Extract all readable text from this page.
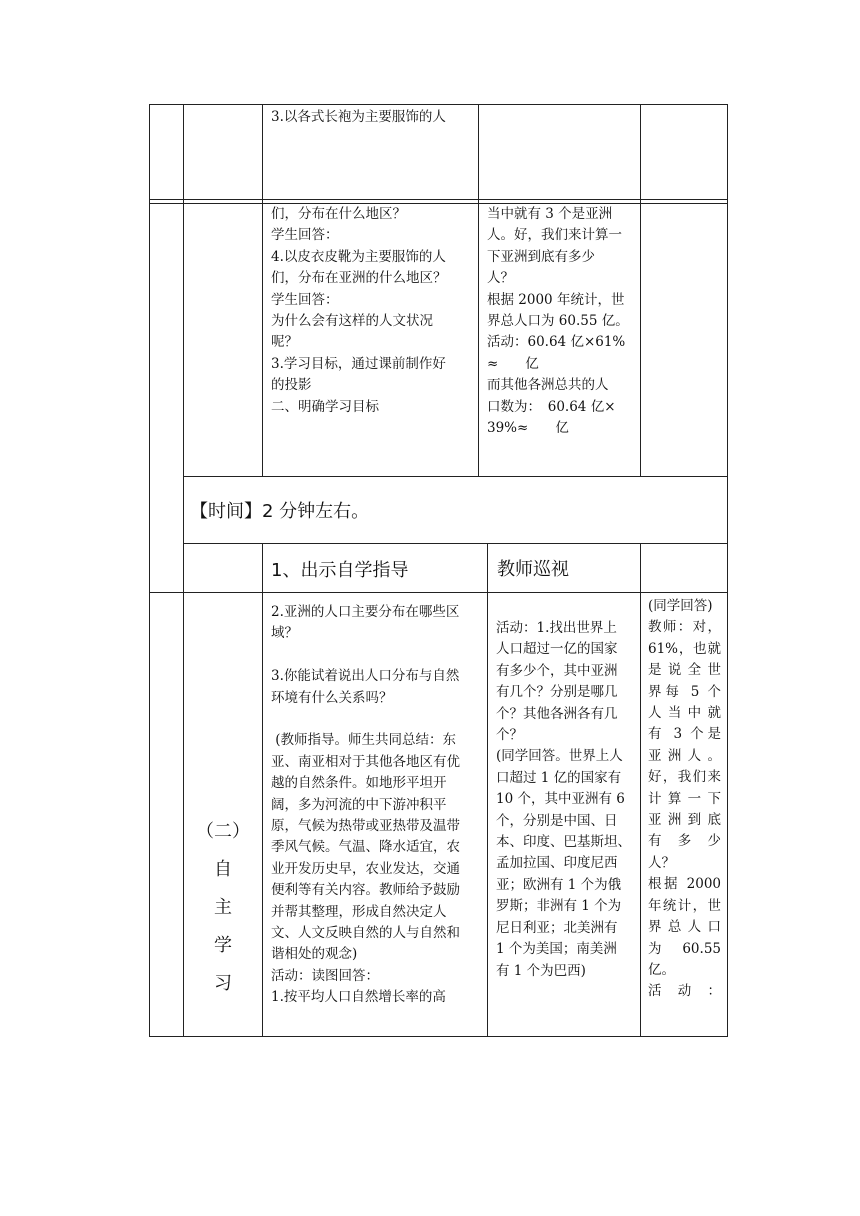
3.以各式长袍为主要服饰的人
们，分布在什么地区？
学生回答：
4.以皮衣皮靴为主要服饰的人
们，分布在亚洲的什么地区？
学生回答：
为什么会有这样的人文状况
呢？
3.学习目标，通过课前制作好
的投影
二、明确学习目标
当中就有 3 个是亚洲
人。好，我们来计算一
下亚洲到底有多少
人？
根据 2000 年统计，世
界总人口为 60.55 亿。
活动：60.64 亿×61%
≈　　亿
而其他各洲总共的人
口数为：　60.64 亿×
39%≈　　亿
【时间】2 分钟左右。
1、出示自学指导	教师巡视
（二）
自
主
学
习
2.亚洲的人口主要分布在哪些区
域？
3.你能试着说出人口分布与自然
环境有什么关系吗？
(教师指导。师生共同总结：东
亚、南亚相对于其他各地区有优
越的自然条件。如地形平坦开
阔，多为河流的中下游冲积平
原，气候为热带或亚热带及温带
季风气候。气温、降水适宜，农
业开发历史早，农业发达，交通
便利等有关内容。教师给予鼓励
并帮其整理，形成自然决定人
文、人文反映自然的人与自然和
谐相处的观念)
活动：读图回答：
1.按平均人口自然增长率的高
活动：1.找出世界上
人口超过一亿的国家
有多少个，其中亚洲
有几个？分别是哪几
个？其他各洲各有几
个？
(同学回答。世界上人
口超过 1 亿的国家有
10 个，其中亚洲有 6
个，分别是中国、日
本、印度、巴基斯坦、
孟加拉国、印度尼西
亚；欧洲有 1 个为俄
罗斯；非洲有 1 个为
尼日利亚；北美洲有
1 个为美国；南美洲
有 1 个为巴西)
(同学回答)
教师：对，
61%，也就
是说全世
界每 5 个
人当中就
有 3 个是
亚洲人。
好，我们来
计算一下
亚洲到底
有　多　少
人？
根据 2000
年统计，世
界总人口
为　60.55
亿。
活　动　：
